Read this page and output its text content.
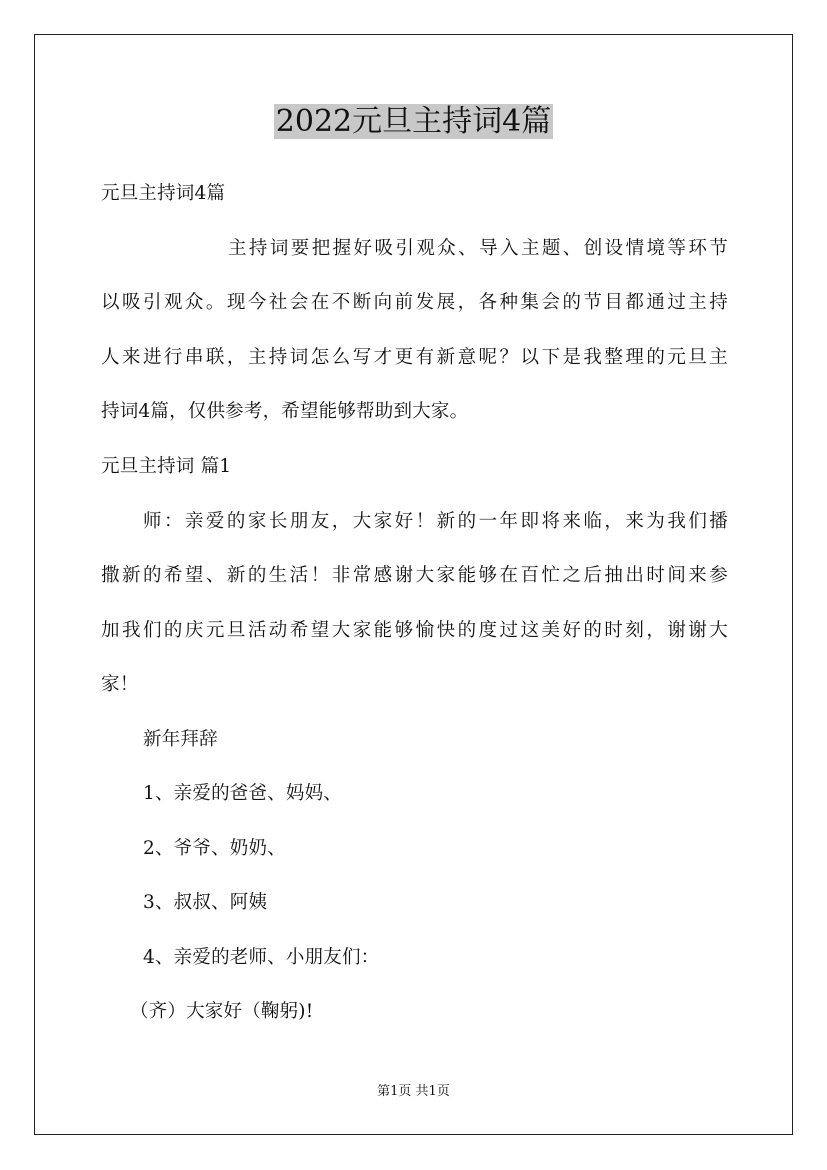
2022元旦主持词4篇
元旦主持词4篇
主持词要把握好吸引观众、导入主题、创设情境等环节
以吸引观众。现今社会在不断向前发展，各种集会的节目都通过主持
人来进行串联，主持词怎么写才更有新意呢？以下是我整理的元旦主
持词4篇，仅供参考，希望能够帮助到大家。
元旦主持词 篇1
师：亲爱的家长朋友，大家好！新的一年即将来临，来为我们播
撒新的希望、新的生活！非常感谢大家能够在百忙之后抽出时间来参
加我们的庆元旦活动希望大家能够愉快的度过这美好的时刻，谢谢大
家！
新年拜辞
1、亲爱的爸爸、妈妈、
2、爷爷、奶奶、
3、叔叔、阿姨
4、亲爱的老师、小朋友们：
（齐）大家好（鞠躬)!
第1页 共1页
